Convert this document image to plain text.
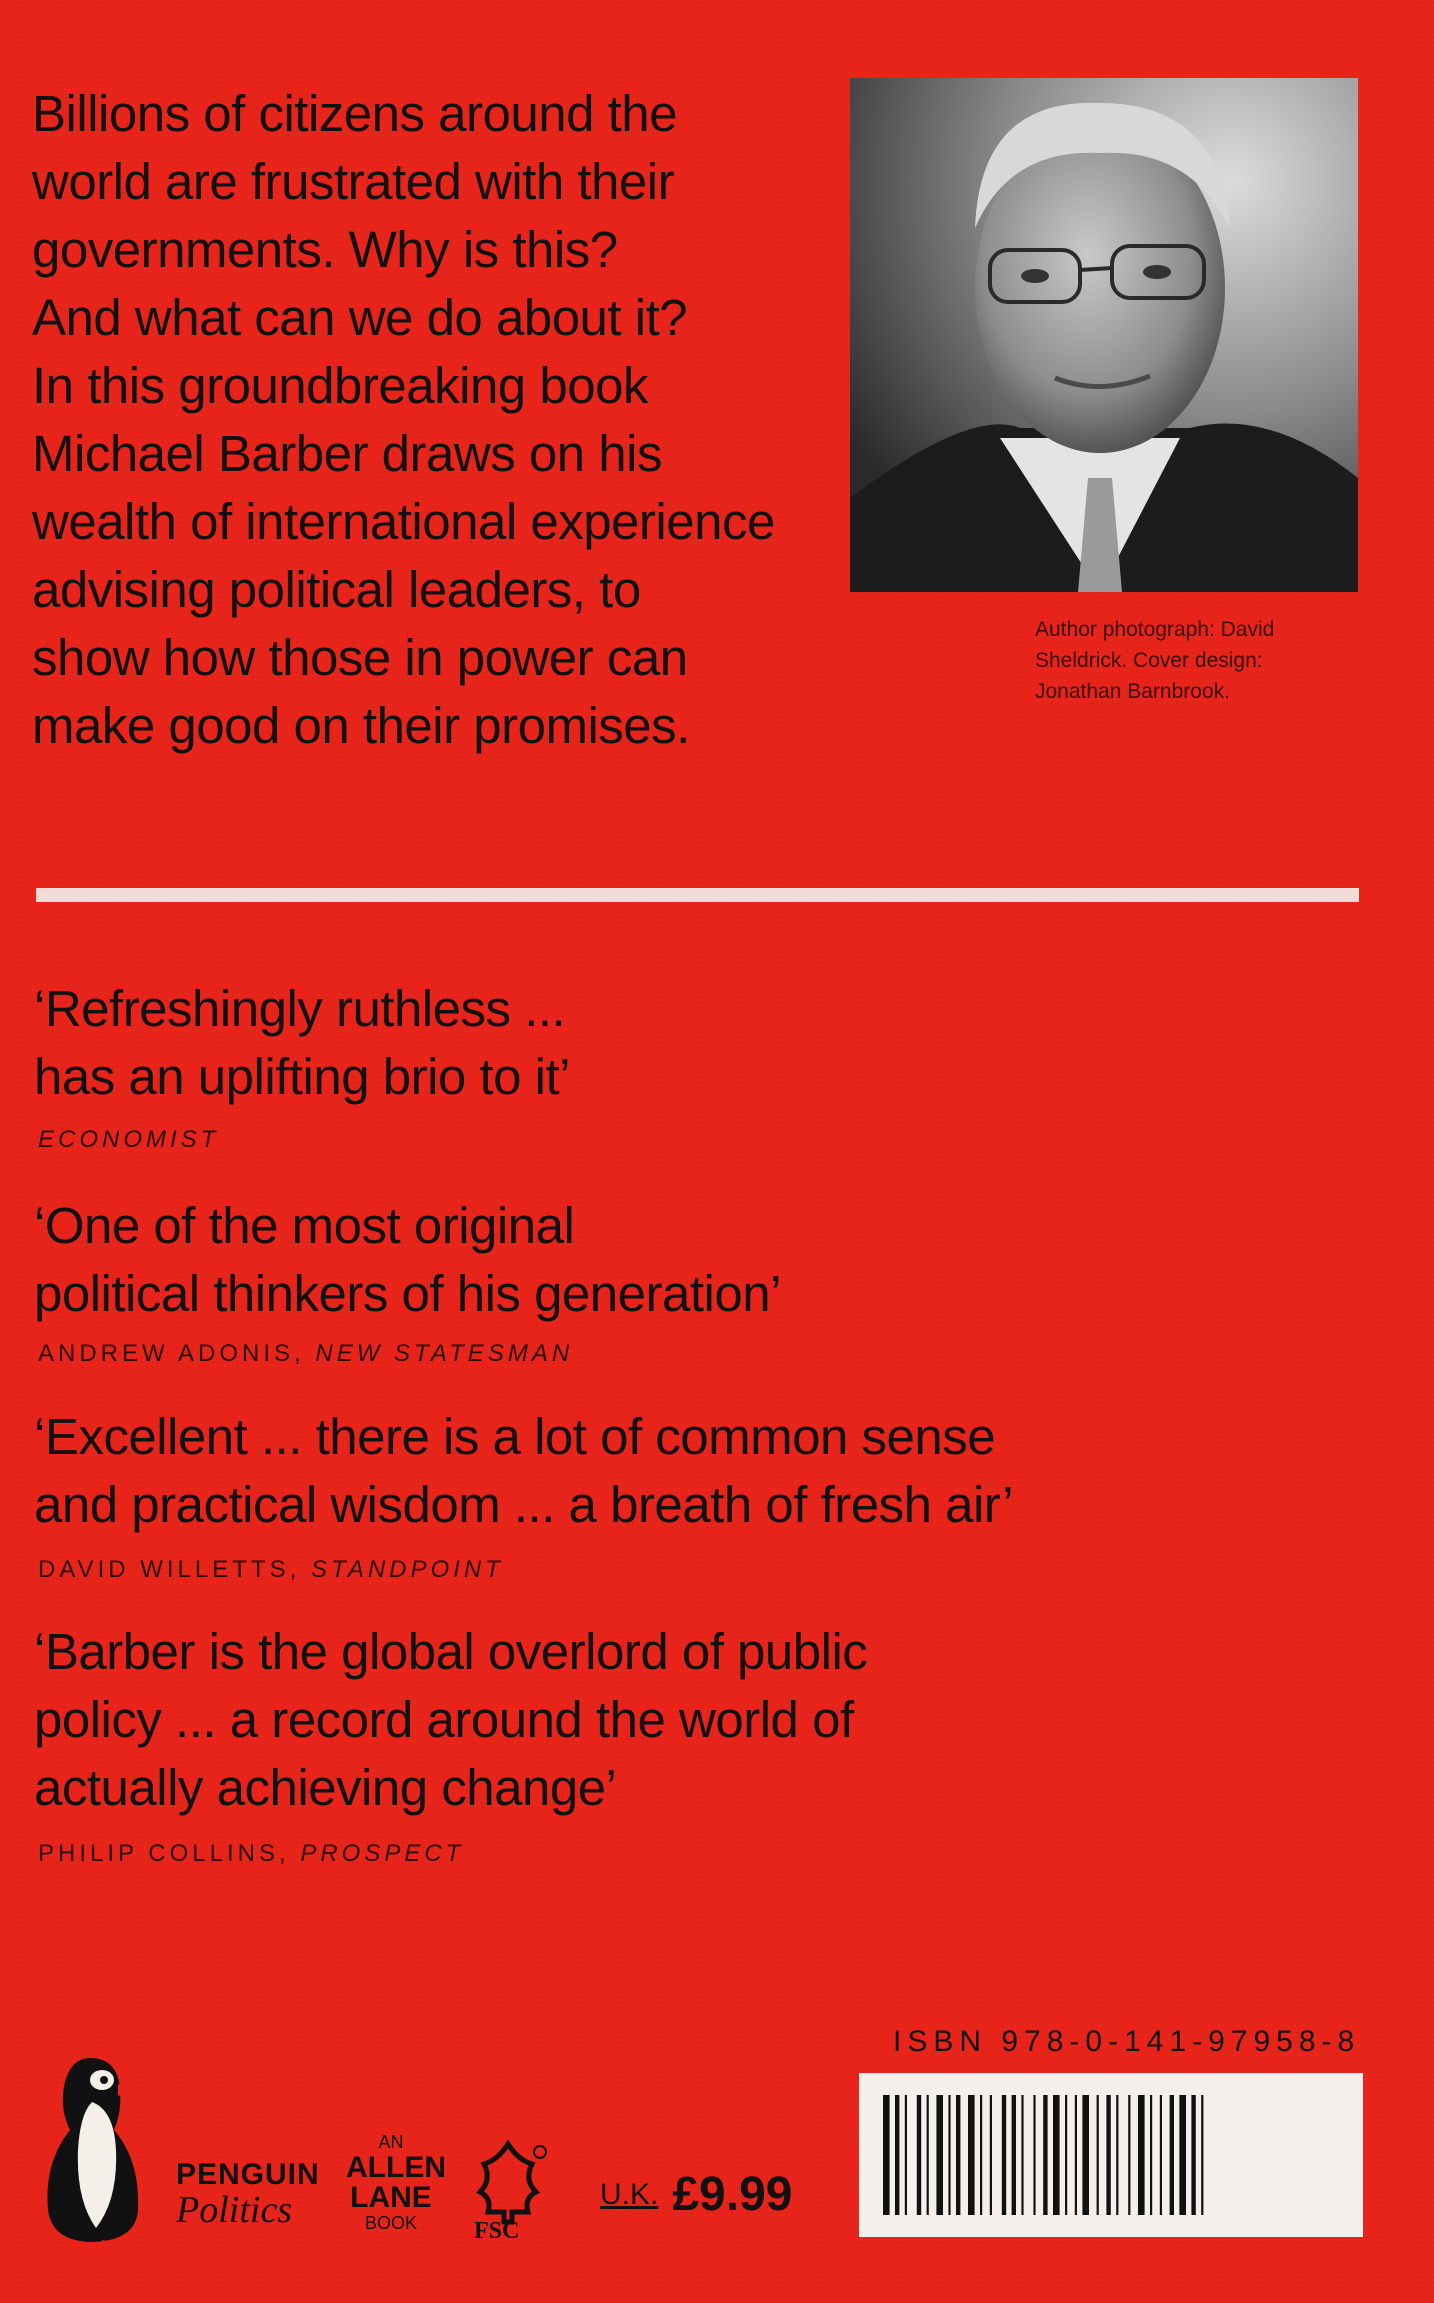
Billions of citizens around the
world are frustrated with their
governments. Why is this?
And what can we do about it?
In this groundbreaking book
Michael Barber draws on his
wealth of international experience
advising political leaders, to
show how those in power can
make good on their promises.
Author photograph: David
Sheldrick. Cover design:
Jonathan Barnbrook.
‘Refreshingly ruthless ...
has an uplifting brio to it’
ECONOMIST
‘One of the most original
political thinkers of his generation’
ANDREW ADONIS, NEW STATESMAN
‘Excellent ... there is a lot of common sense
and practical wisdom ... a breath of fresh air’
DAVID WILLETTS, STANDPOINT
‘Barber is the global overlord of public
policy ... a record around the world of
actually achieving change’
PHILIP COLLINS, PROSPECT
ISBN 978-0-141-97958-8
PENGUIN
Politics
AN
ALLEN
LANE
BOOK	FSC
U.K. £9.99
